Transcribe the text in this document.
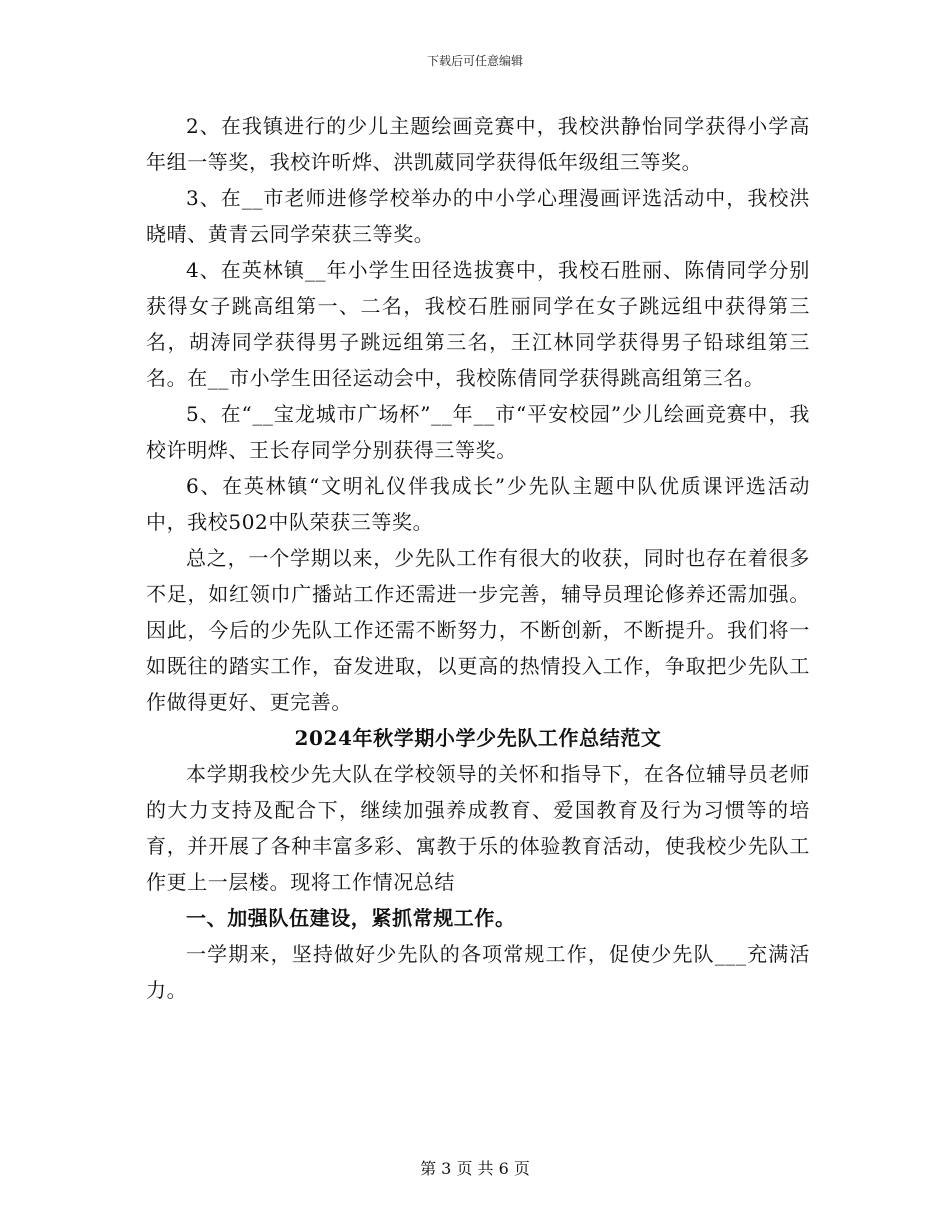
下载后可任意编辑

2、在我镇进行的少儿主题绘画竞赛中，我校洪静怡同学获得小学高年组一等奖，我校许昕烨、洪凯葳同学获得低年级组三等奖。

3、在__市老师进修学校举办的中小学心理漫画评选活动中，我校洪晓晴、黄青云同学荣获三等奖。

4、在英林镇__年小学生田径选拔赛中，我校石胜丽、陈倩同学分别获得女子跳高组第一、二名，我校石胜丽同学在女子跳远组中获得第三名，胡涛同学获得男子跳远组第三名，王江林同学获得男子铅球组第三名。在__市小学生田径运动会中，我校陈倩同学获得跳高组第三名。

5、在“__宝龙城市广场杯”__年__市“平安校园”少儿绘画竞赛中，我校许明烨、王长存同学分别获得三等奖。

6、在英林镇“文明礼仪伴我成长”少先队主题中队优质课评选活动中，我校502中队荣获三等奖。

总之，一个学期以来，少先队工作有很大的收获，同时也存在着很多不足，如红领巾广播站工作还需进一步完善，辅导员理论修养还需加强。因此，今后的少先队工作还需不断努力，不断创新，不断提升。我们将一如既往的踏实工作，奋发进取，以更高的热情投入工作，争取把少先队工作做得更好、更完善。

2024年秋学期小学少先队工作总结范文

本学期我校少先大队在学校领导的关怀和指导下，在各位辅导员老师的大力支持及配合下，继续加强养成教育、爱国教育及行为习惯等的培育，并开展了各种丰富多彩、寓教于乐的体验教育活动，使我校少先队工作更上一层楼。现将工作情况总结

一、加强队伍建设，紧抓常规工作。

一学期来，坚持做好少先队的各项常规工作，促使少先队___充满活力。

第 3 页 共 6 页
